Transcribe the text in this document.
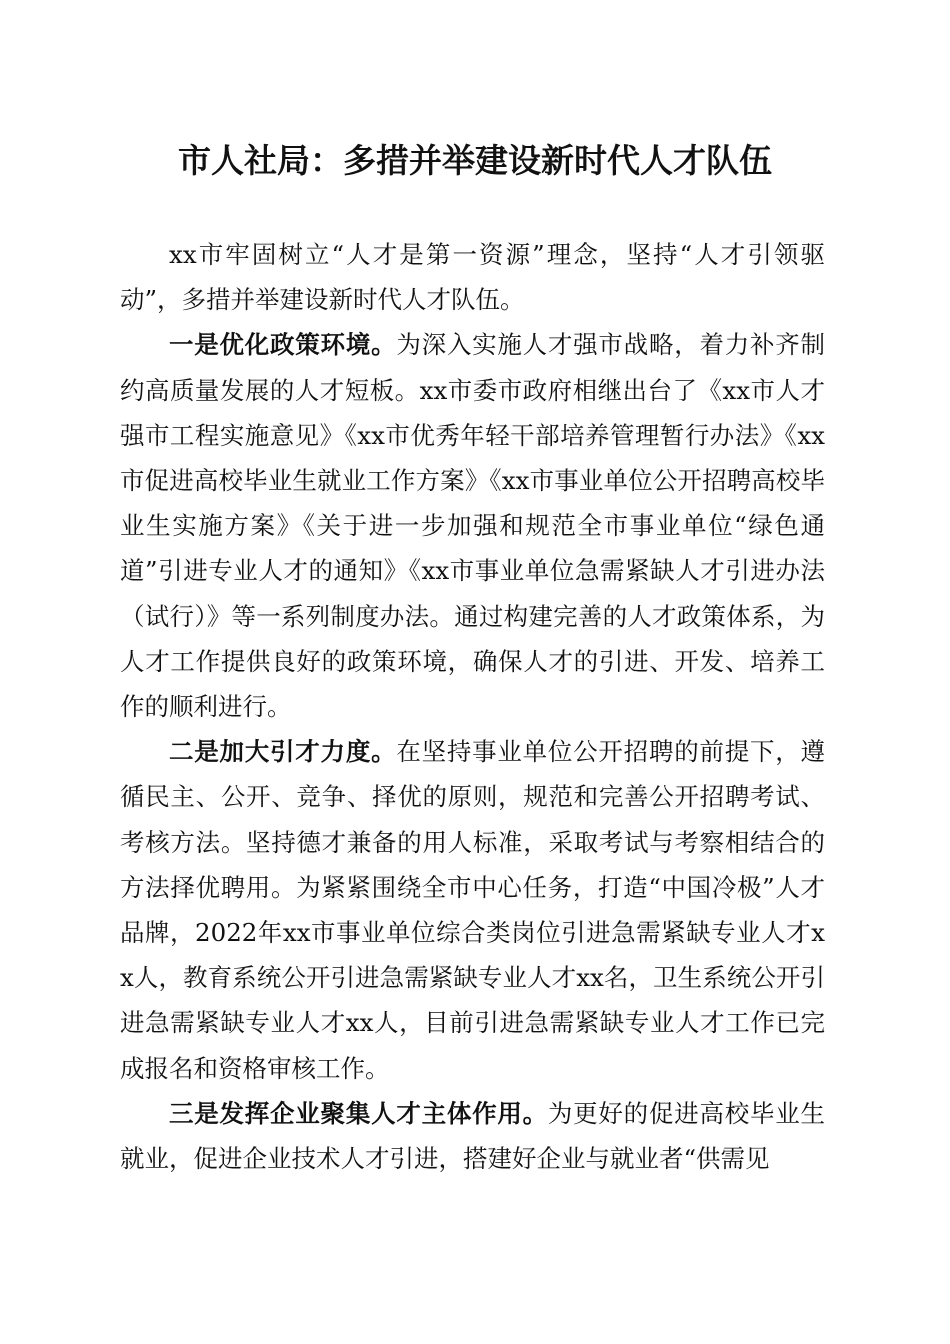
市人社局：多措并举建设新时代人才队伍

xx市牢固树立“人才是第一资源”理念，坚持“人才引领驱动”，多措并举建设新时代人才队伍。

一是优化政策环境。为深入实施人才强市战略，着力补齐制约高质量发展的人才短板。xx市委市政府相继出台了《xx市人才强市工程实施意见》《xx市优秀年轻干部培养管理暂行办法》《xx市促进高校毕业生就业工作方案》《xx市事业单位公开招聘高校毕业生实施方案》《关于进一步加强和规范全市事业单位“绿色通道”引进专业人才的通知》《xx市事业单位急需紧缺人才引进办法（试行）》等一系列制度办法。通过构建完善的人才政策体系，为人才工作提供良好的政策环境，确保人才的引进、开发、培养工作的顺利进行。

二是加大引才力度。在坚持事业单位公开招聘的前提下，遵循民主、公开、竞争、择优的原则，规范和完善公开招聘考试、考核方法。坚持德才兼备的用人标准，采取考试与考察相结合的方法择优聘用。为紧紧围绕全市中心任务，打造“中国冷极”人才品牌，2022年xx市事业单位综合类岗位引进急需紧缺专业人才xx人，教育系统公开引进急需紧缺专业人才xx名，卫生系统公开引进急需紧缺专业人才xx人，目前引进急需紧缺专业人才工作已完成报名和资格审核工作。

三是发挥企业聚集人才主体作用。为更好的促进高校毕业生就业，促进企业技术人才引进，搭建好企业与就业者“供需见
